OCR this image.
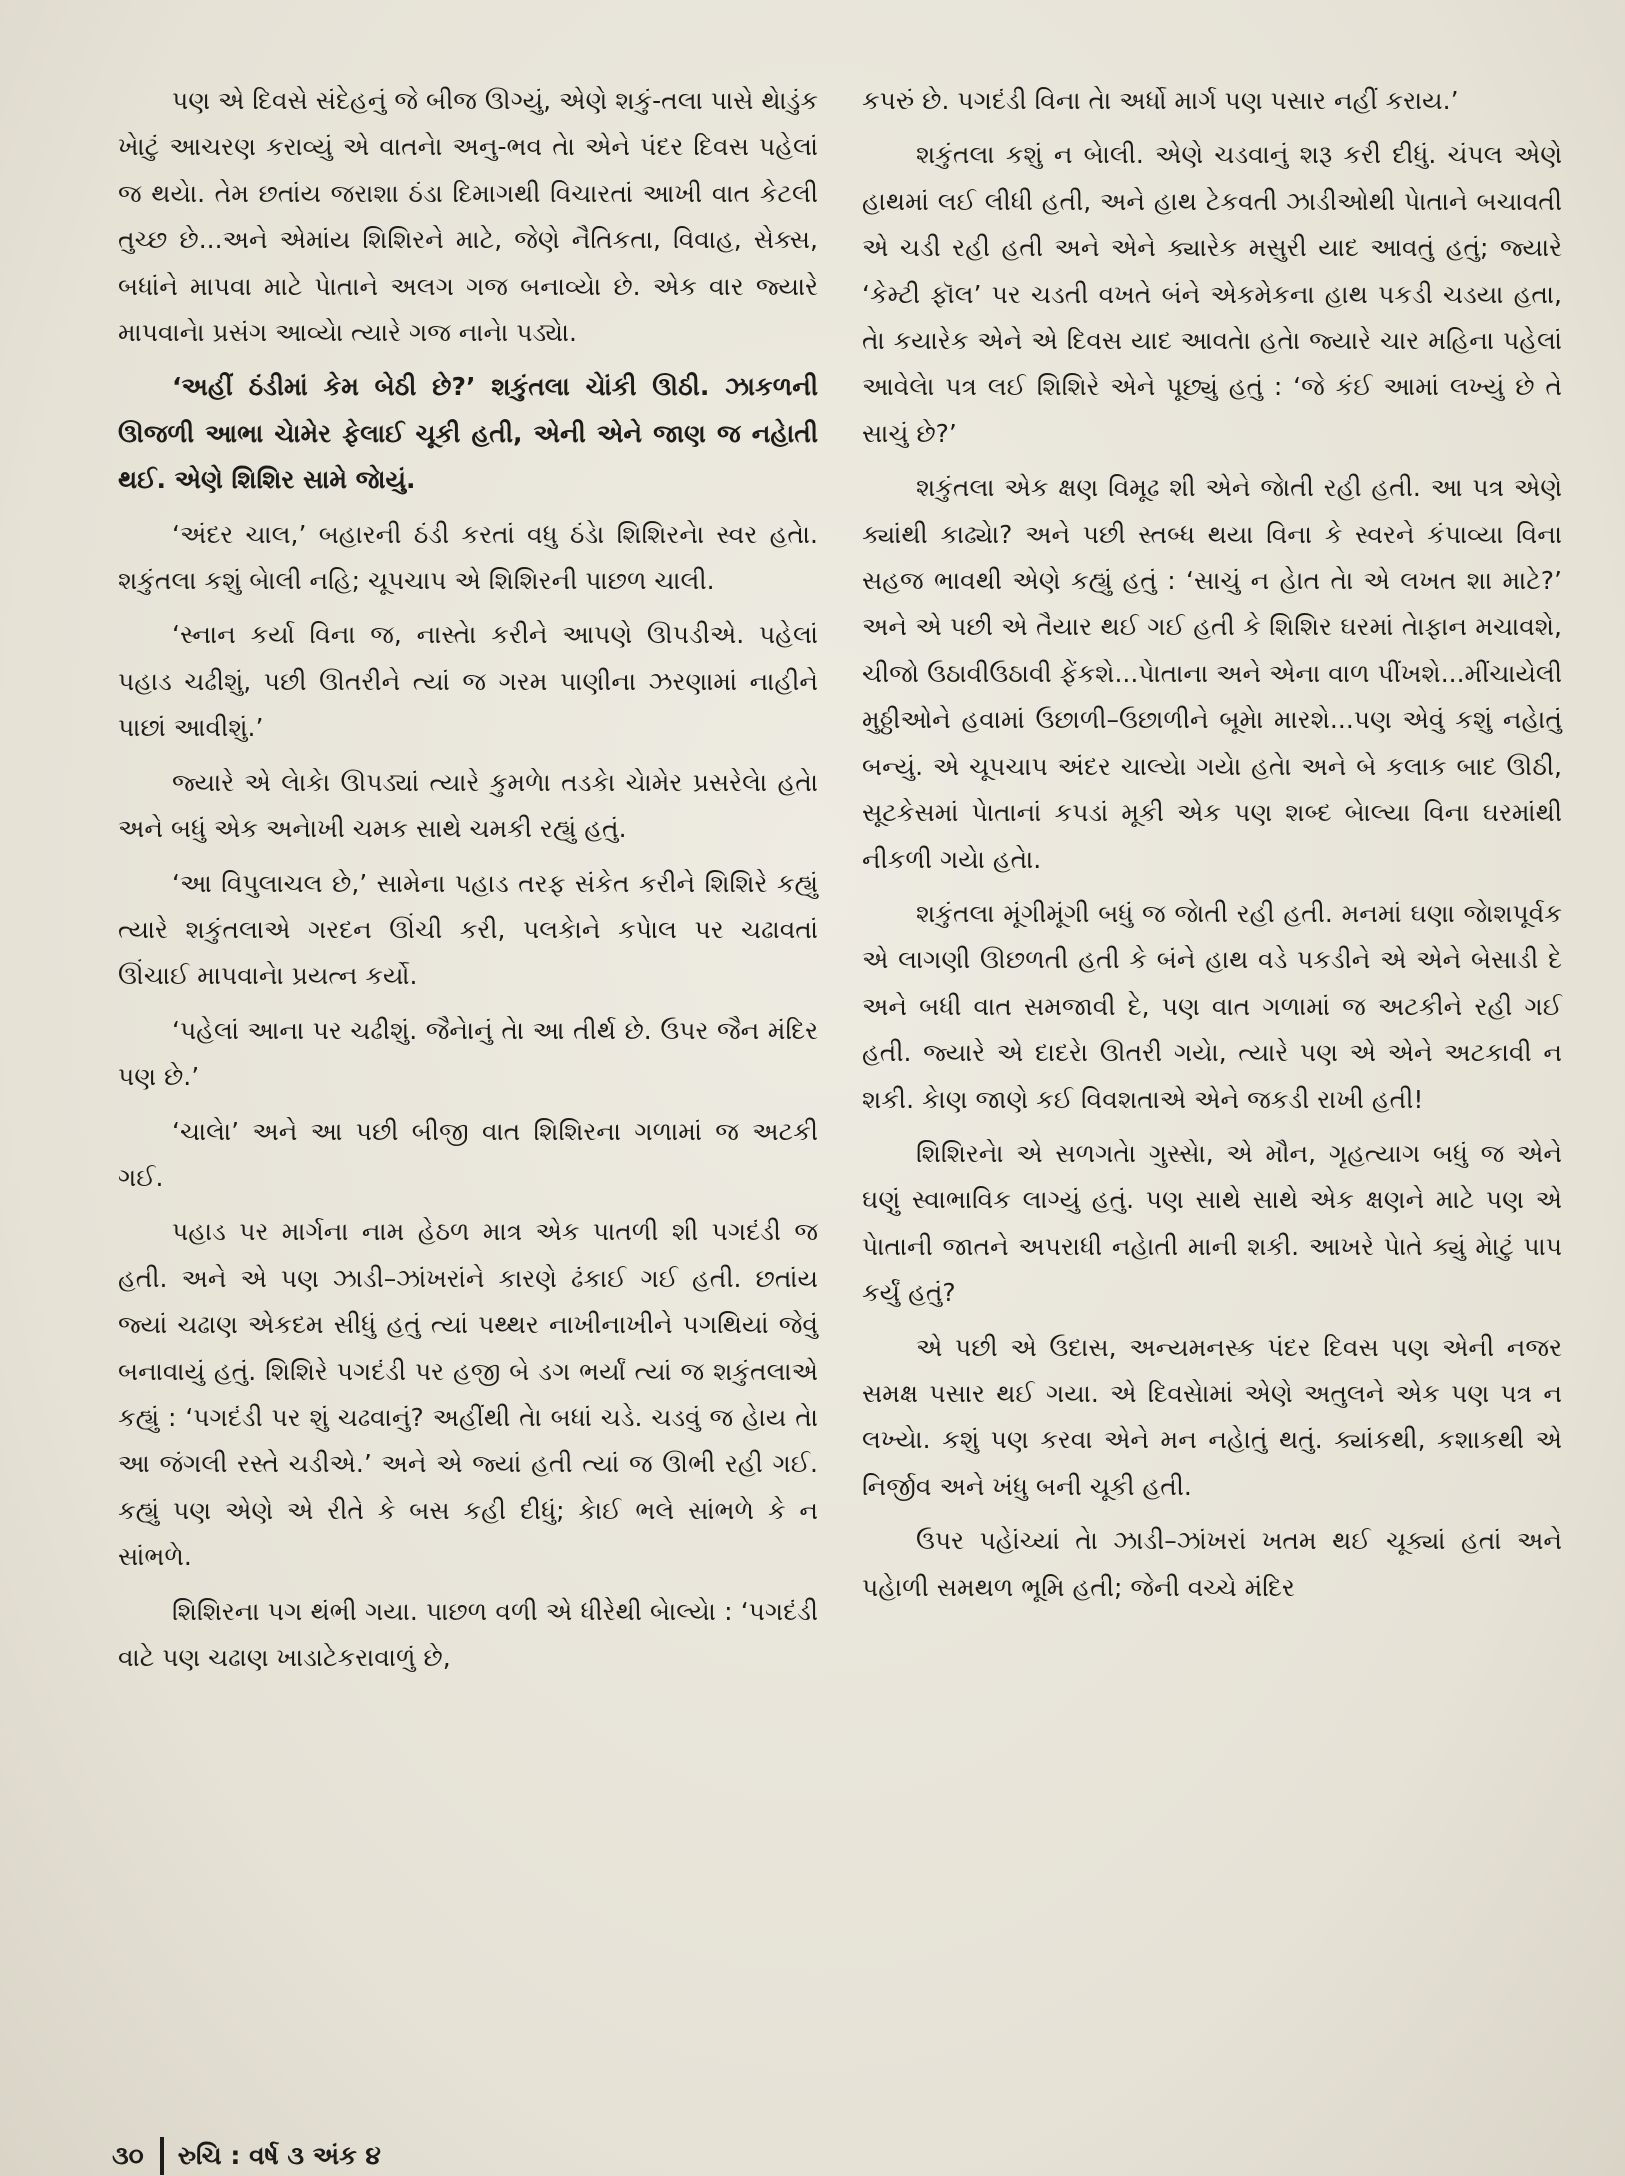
પણ એ દિવસે સંદેહનું જે બીજ ઊગ્યું, એણે શકું-તલા પાસે થેાડુંક ખેાટું આચરણ કરાવ્યું એ વાતનેા અનુ-ભવ તેા એને પંદર દિવસ પહેલાં જ થયેા. તેમ છતાંય જરાશા ઠંડા દિમાગથી વિચારતાં આખી વાત કેટલી તુચ્છ છે...અને એમાંય શિશિરને માટે, જેણે નૈતિકતા, વિવાહ, સેક્સ, બધાંને માપવા માટે પેાતાને અલગ ગજ બનાવ્યેા છે. એક વાર જ્યારે માપવાનેા પ્રસંગ આવ્યેા ત્યારે ગજ નાનેા પડ્યેા.

‘અહીં ઠંડીમાં કેમ બેઠી છે?’ શકુંતલા ચેાંકી ઊઠી. ઝાકળની ઊજળી આભા ચેામેર ફેલાઈ ચૂકી હતી, એની એને જાણ જ નહેાતી થઈ. એણે શિશિર સામે જેાયું.

‘અંદર ચાલ,’ બહારની ઠંડી કરતાં વધુ ઠંડેા શિશિરનેા સ્વર હતેા. શકુંતલા કશું બેાલી નહિ; ચૂપચાપ એ શિશિરની પાછળ ચાલી.

‘સ્નાન કર્યા વિના જ, નાસ્તેા કરીને આપણે ઊપડીએ. પહેલાં પહાડ ચઢીશું, પછી ઊતરીને ત્યાં જ ગરમ પાણીના ઝરણામાં નાહીને પાછાં આવીશું.’

જ્યારે એ લેાકેા ઊપડ્યાં ત્યારે કુમળેા તડકેા ચેામેર પ્રસરેલેા હતેા અને બધું એક અનેાખી ચમક સાથે ચમકી રહ્યું હતું.

‘આ વિપુલાચલ છે,’ સામેના પહાડ તરફ સંકેત કરીને શિશિરે કહ્યું ત્યારે શકુંતલાએ ગરદન ઊંચી કરી, પલકેાને કપેાલ પર ચઢાવતાં ઊંચાઈ માપવાનેા પ્રયત્ન કર્યો.

‘પહેલાં આના પર ચઢીશું. જૈનેાનું તેા આ તીર્થ છે. ઉપર જૈન મંદિર પણ છે.’

‘ચાલેા’ અને આ પછી બીજી વાત શિશિરના ગળામાં જ અટકી ગઈ.

પહાડ પર માર્ગના નામ હેઠળ માત્ર એક પાતળી શી પગદંડી જ હતી. અને એ પણ ઝાડી–ઝાંખરાંને કારણે ઢંકાઈ ગઈ હતી. છતાંય જ્યાં ચઢાણ એકદમ સીધું હતું ત્યાં પથ્થર નાખીનાખીને પગથિયાં જેવું બનાવાયું હતું. શિશિરે પગદંડી પર હજી બે ડગ ભર્યાં ત્યાં જ શકુંતલાએ કહ્યું : ‘પગદંડી પર શું ચઢવાનું? અહીંથી તેા બધાં ચડે. ચડવું જ હેાય તેા આ જંગલી રસ્તે ચડીએ.’ અને એ જ્યાં હતી ત્યાં જ ઊભી રહી ગઈ. કહ્યું પણ એણે એ રીતે કે બસ કહી દીધું; કેાઈ ભલે સાંભળે કે ન સાંભળે.

શિશિરના પગ થંભી ગયા. પાછળ વળી એ ધીરેથી બેાલ્યેા : ‘પગદંડી વાટે પણ ચઢાણ ખાડાટેકરાવાળું છે,

કપરું છે. પગદંડી વિના તેા અર્ધો માર્ગ પણ પસાર નહીં કરાય.’

શકુંતલા કશું ન બેાલી. એણે ચડવાનું શરૂ કરી દીધું. ચંપલ એણે હાથમાં લઈ લીધી હતી, અને હાથ ટેકવતી ઝાડીઓથી પેાતાને બચાવતી એ ચડી રહી હતી અને એને ક્યારેક મસુરી યાદ આવતું હતું; જ્યારે ‘કેમ્ટી ફૉલ’ પર ચડતી વખતે બંને એકમેકના હાથ પકડી ચડયા હતા, તેા કયારેક એને એ દિવસ યાદ આવતેા હતેા જ્યારે ચાર મહિના પહેલાં આવેલેા પત્ર લઈ શિશિરે એને પૂછ્યું હતું : ‘જે કંઈ આમાં લખ્યું છે તે સાચું છે?’

શકુંતલા એક ક્ષણ વિમૂઢ શી એને જેાતી રહી હતી. આ પત્ર એણે ક્યાંથી કાઢ્યેા? અને પછી સ્તબ્ધ થયા વિના કે સ્વરને કંપાવ્યા વિના સહજ ભાવથી એણે કહ્યું હતું : ‘સાચું ન હેાત તેા એ લખત શા માટે?’ અને એ પછી એ તૈયાર થઈ ગઈ હતી કે શિશિર ઘરમાં તેાફાન મચાવશે, ચીજો ઉઠાવીઉઠાવી ફેંકશે...પેાતાના અને એના વાળ પીંખશે...મીંચાયેલી મુઠ્ઠીઓને હવામાં ઉછાળી–ઉછાળીને બૂમેા મારશે...પણ એવું કશું નહેાતું બન્યું. એ ચૂપચાપ અંદર ચાલ્યેા ગયેા હતેા અને બે કલાક બાદ ઊઠી, સૂટકેસમાં પેાતાનાં કપડાં મૂકી એક પણ શબ્દ બેાલ્યા વિના ઘરમાંથી નીકળી ગયેા હતેા.

શકુંતલા મૂંગીમૂંગી બધું જ જેાતી રહી હતી. મનમાં ઘણા જેાશપૂર્વક એ લાગણી ઊછળતી હતી કે બંને હાથ વડે પકડીને એ એને બેસાડી દે અને બધી વાત સમજાવી દે, પણ વાત ગળામાં જ અટકીને રહી ગઈ હતી. જ્યારે એ દાદરેા ઊતરી ગયેા, ત્યારે પણ એ એને અટકાવી ન શકી. કેાણ જાણે કઈ વિવશતાએ એને જકડી રાખી હતી!

શિશિરનેા એ સળગતેા ગુસ્સેા, એ મૌન, ગૃહત્યાગ બધું જ એને ઘણું સ્વાભાવિક લાગ્યું હતું. પણ સાથે સાથે એક ક્ષણને માટે પણ એ પેાતાની જાતને અપરાધી નહેાતી માની શકી. આખરે પેાતે ક્યું મેાટું પાપ કર્યું હતું?

એ પછી એ ઉદાસ, અન્યમનસ્ક પંદર દિવસ પણ એની નજર સમક્ષ પસાર થઈ ગયા. એ દિવસેામાં એણે અતુલને એક પણ પત્ર ન લખ્યેા. કશું પણ કરવા એને મન નહેાતું થતું. ક્યાંકથી, કશાકથી એ નિર્જીવ અને ખંધુ બની ચૂકી હતી.

ઉપર પહેાંચ્યાં તેા ઝાડી–ઝાંખરાં ખતમ થઈ ચૂક્યાં હતાં અને પહેાળી સમથળ ભૂમિ હતી; જેની વચ્ચે મંદિર

૩૦ રુચિ : વર્ષ ૩ અંક ૪
